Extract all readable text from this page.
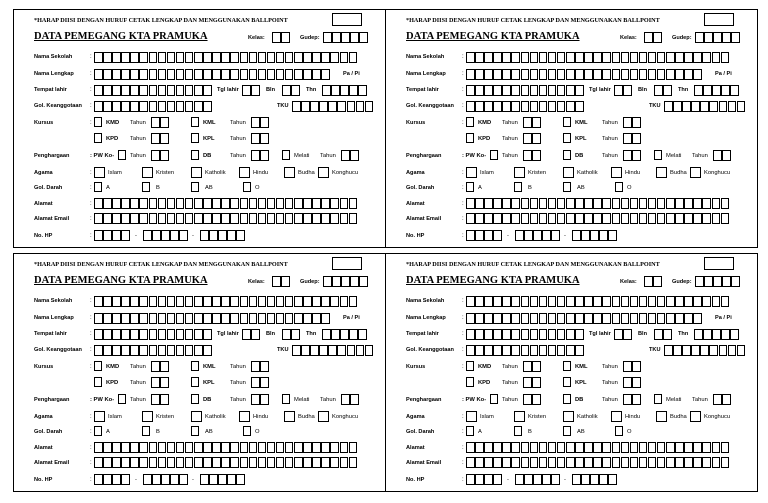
*HARAP DIISI DENGAN HURUF CETAK LENGKAP DAN MENGGUNAKAN BALLPOINT
DATA PEMEGANG KTA PRAMUKA	Kelas:	Gudep:
Nama Sekolah	:
Nama Lengkap	:	Pa / Pi
Tempat lahir	:	Tgl lahir	Bln	Thn
Gol. Keanggotaan :	TKU
Kursus	: KMD Tahun	KML Tahun
KPD Tahun	KPL	Tahun
Penghargaan	: PW Ko-	Tahun	DB	Tahun	Melati Tahun
Agama	:	Islam	Kristen	Katholik	Hindu	Budha	Konghucu
Gol. Darah	: A	B	AB	O
Alamat	:
Alamat Email	:
No. HP	:	-	-
*HARAP DIISI DENGAN HURUF CETAK LENGKAP DAN MENGGUNAKAN BALLPOINT
DATA PEMEGANG KTA PRAMUKA	Kelas:	Gudep:
Nama Sekolah	:
Nama Lengkap	:	Pa / Pi
Tempat lahir	:	Tgl lahir	Bln	Thn
Gol. Keanggotaan :	TKU
Kursus	: KMD Tahun	KML Tahun
KPD Tahun	KPL	Tahun
Penghargaan	: PW Ko-	Tahun	DB	Tahun	Melati Tahun
Agama	:	Islam	Kristen	Katholik	Hindu	Budha	Konghucu
Gol. Darah	: A	B	AB	O
Alamat	:
Alamat Email	:
No. HP	:	-	-
*HARAP DIISI DENGAN HURUF CETAK LENGKAP DAN MENGGUNAKAN BALLPOINT
DATA PEMEGANG KTA PRAMUKA	Kelas:	Gudep:
Nama Sekolah	:
Nama Lengkap	:	Pa / Pi
Tempat lahir	:	Tgl lahir	Bln	Thn
Gol. Keanggotaan :	TKU
Kursus	: KMD Tahun	KML Tahun
KPD Tahun	KPL	Tahun
Penghargaan	: PW Ko-	Tahun	DB	Tahun	Melati Tahun
Agama	:	Islam	Kristen	Katholik	Hindu	Budha	Konghucu
Gol. Darah	: A	B	AB	O
Alamat	:
Alamat Email	:
No. HP	:	-	-
*HARAP DIISI DENGAN HURUF CETAK LENGKAP DAN MENGGUNAKAN BALLPOINT
DATA PEMEGANG KTA PRAMUKA	Kelas:	Gudep:
Nama Sekolah	:
Nama Lengkap	:	Pa / Pi
Tempat lahir	:	Tgl lahir	Bln	Thn
Gol. Keanggotaan :	TKU
Kursus	: KMD Tahun	KML Tahun
KPD Tahun	KPL	Tahun
Penghargaan	: PW Ko-	Tahun	DB	Tahun	Melati Tahun
Agama	:	Islam	Kristen	Katholik	Hindu	Budha	Konghucu
Gol. Darah	: A	B	AB	O
Alamat	:
Alamat Email	:
No. HP	:	-	-
